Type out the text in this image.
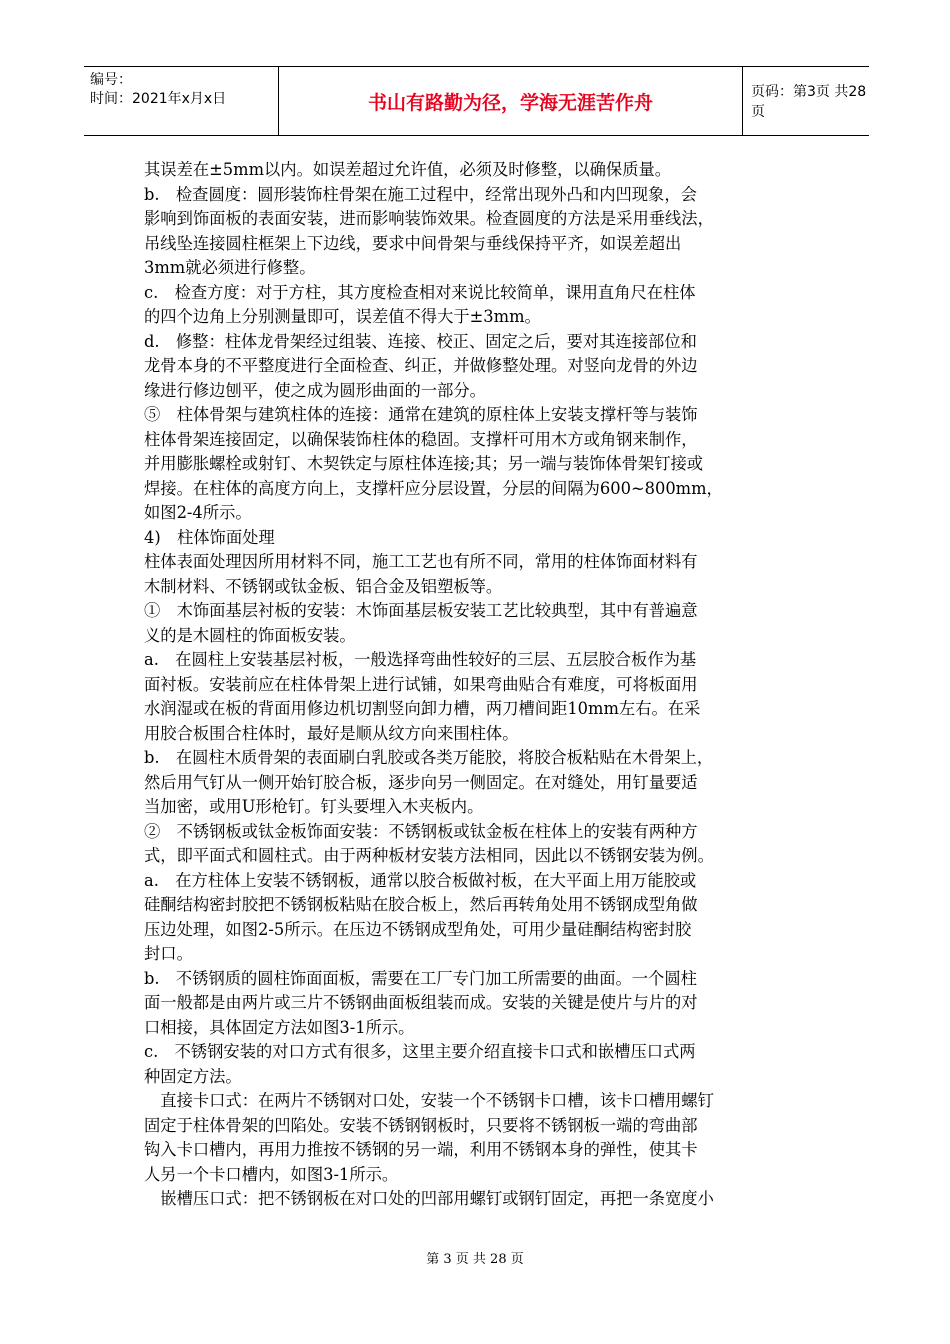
编号：
时间：2021年x月x日	书山有路勤为径，学海无涯苦作舟	页码：第3页 共28页
其误差在±5mm以内。如误差超过允许值，必须及时修整，以确保质量。
b.　检查圆度：圆形装饰柱骨架在施工过程中，经常出现外凸和内凹现象，会
影响到饰面板的表面安装，进而影响装饰效果。检查圆度的方法是采用垂线法，
吊线坠连接圆柱框架上下边线，要求中间骨架与垂线保持平齐，如误差超出
3mm就必须进行修整。
c.　检查方度：对于方柱，其方度检查相对来说比较简单，课用直角尺在柱体
的四个边角上分别测量即可，误差值不得大于±3mm。
d.　修整：柱体龙骨架经过组装、连接、校正、固定之后，要对其连接部位和
龙骨本身的不平整度进行全面检查、纠正，并做修整处理。对竖向龙骨的外边
缘进行修边刨平，使之成为圆形曲面的一部分。
⑤　柱体骨架与建筑柱体的连接：通常在建筑的原柱体上安装支撑杆等与装饰
柱体骨架连接固定，以确保装饰柱体的稳固。支撑杆可用木方或角钢来制作，
并用膨胀螺栓或射钉、木契铁定与原柱体连接;其；另一端与装饰体骨架钉接或
焊接。在柱体的高度方向上，支撑杆应分层设置，分层的间隔为600~800mm，
如图2-4所示。
4)　柱体饰面处理
柱体表面处理因所用材料不同，施工工艺也有所不同，常用的柱体饰面材料有
木制材料、不锈钢或钛金板、铝合金及铝塑板等。
①　木饰面基层衬板的安装：木饰面基层板安装工艺比较典型，其中有普遍意
义的是木圆柱的饰面板安装。
a.　在圆柱上安装基层衬板，一般选择弯曲性较好的三层、五层胶合板作为基
面衬板。安装前应在柱体骨架上进行试铺，如果弯曲贴合有难度，可将板面用
水润湿或在板的背面用修边机切割竖向卸力槽，两刀槽间距10mm左右。在采
用胶合板围合柱体时，最好是顺从纹方向来围柱体。
b.　在圆柱木质骨架的表面刷白乳胶或各类万能胶，将胶合板粘贴在木骨架上，
然后用气钉从一侧开始钉胶合板，逐步向另一侧固定。在对缝处，用钉量要适
当加密，或用U形枪钉。钉头要埋入木夹板内。
②　不锈钢板或钛金板饰面安装：不锈钢板或钛金板在柱体上的安装有两种方
式，即平面式和圆柱式。由于两种板材安装方法相同，因此以不锈钢安装为例。
a.　在方柱体上安装不锈钢板，通常以胶合板做衬板，在大平面上用万能胶或
硅酮结构密封胶把不锈钢板粘贴在胶合板上，然后再转角处用不锈钢成型角做
压边处理，如图2-5所示。在压边不锈钢成型角处，可用少量硅酮结构密封胶
封口。
b.　不锈钢质的圆柱饰面面板，需要在工厂专门加工所需要的曲面。一个圆柱
面一般都是由两片或三片不锈钢曲面板组装而成。安装的关键是使片与片的对
口相接，具体固定方法如图3-1所示。
c.　不锈钢安装的对口方式有很多，这里主要介绍直接卡口式和嵌槽压口式两
种固定方法。
　直接卡口式：在两片不锈钢对口处，安装一个不锈钢卡口槽，该卡口槽用螺钉
固定于柱体骨架的凹陷处。安装不锈钢钢板时，只要将不锈钢板一端的弯曲部
钩入卡口槽内，再用力推按不锈钢的另一端，利用不锈钢本身的弹性，使其卡
人另一个卡口槽内，如图3-1所示。
　嵌槽压口式：把不锈钢板在对口处的凹部用螺钉或钢钉固定，再把一条宽度小
第 3 页 共 28 页
